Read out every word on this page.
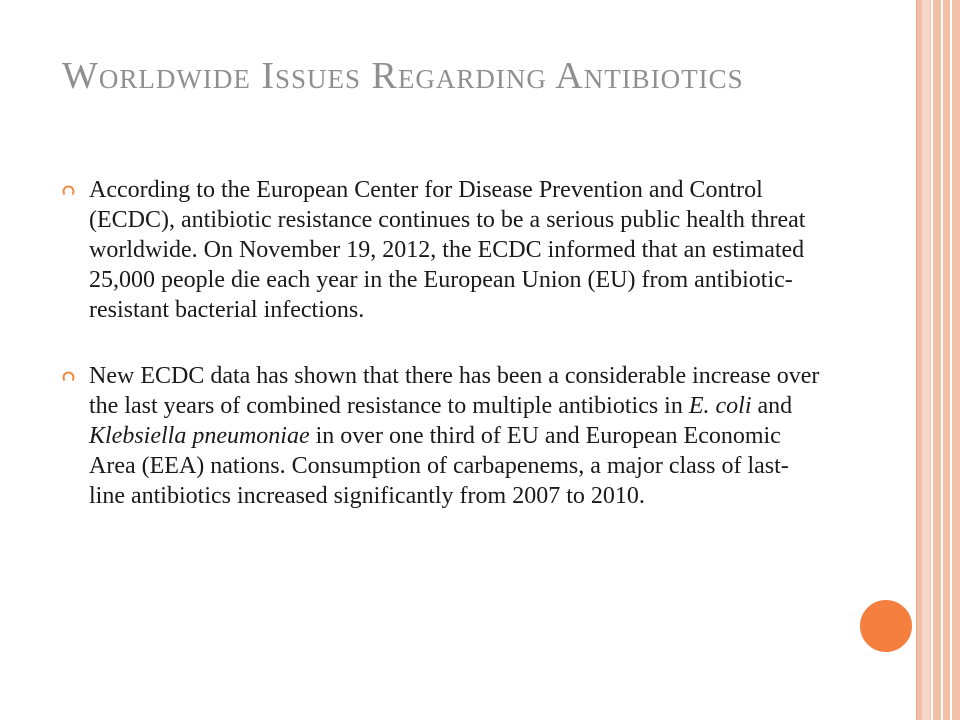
Worldwide Issues Regarding Antibiotics
According to the European Center for Disease Prevention and Control (ECDC), antibiotic resistance continues to be a serious public health threat worldwide. On November 19, 2012, the ECDC informed that an estimated 25,000 people die each year in the European Union (EU) from antibiotic-resistant bacterial infections.
New ECDC data has shown that there has been a considerable increase over the last years of combined resistance to multiple antibiotics in E. coli and Klebsiella pneumoniae in over one third of EU and European Economic Area (EEA) nations. Consumption of carbapenems, a major class of last-line antibiotics increased significantly from 2007 to 2010.
